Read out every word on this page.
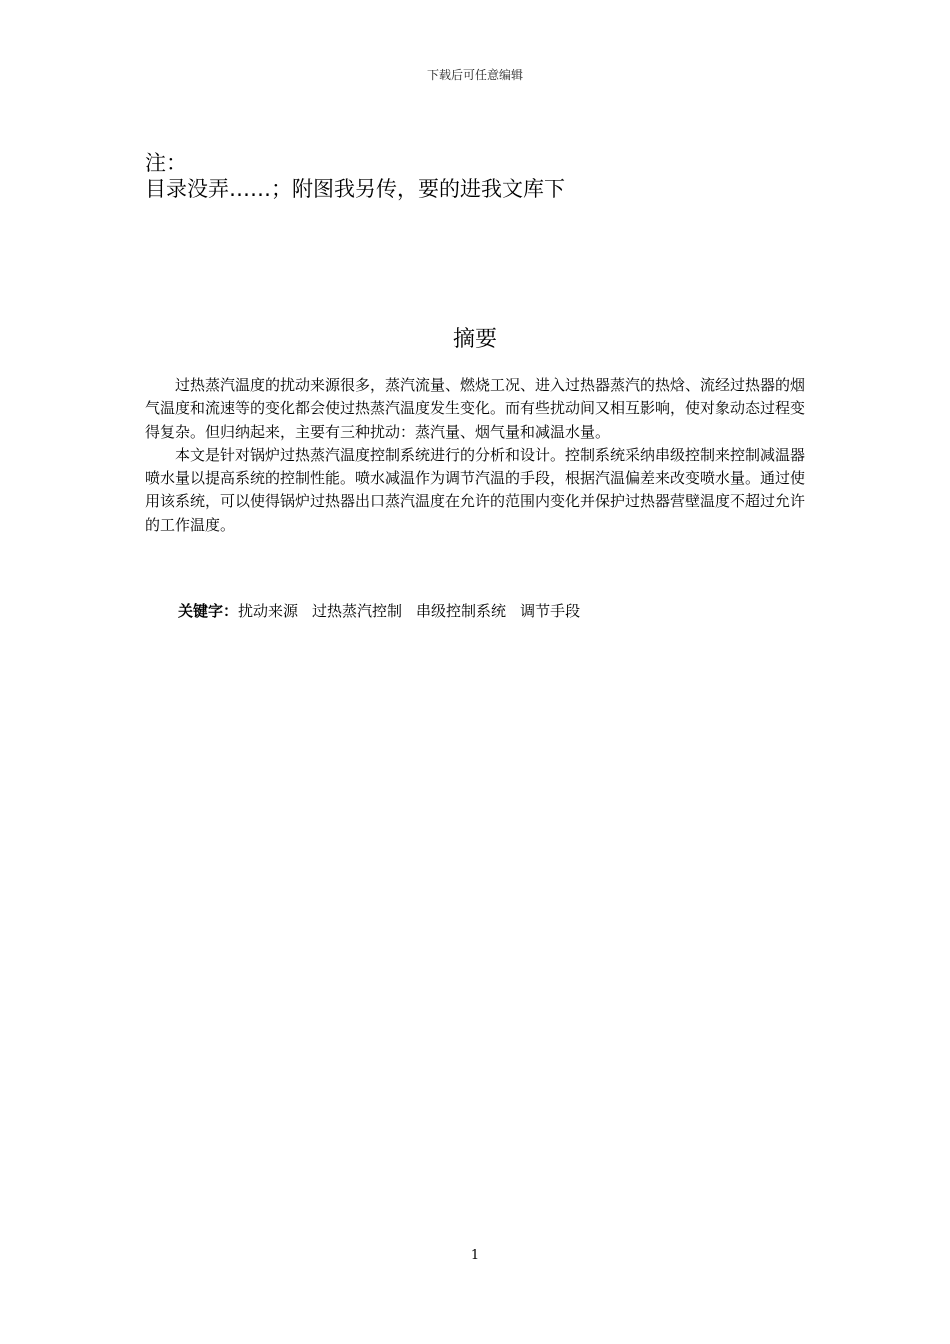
下载后可任意编辑
注：
目录没弄……；附图我另传，要的进我文库下
摘要

过热蒸汽温度的扰动来源很多，蒸汽流量、燃烧工况、进入过热器蒸汽的热焓、流经过热器的烟气温度和流速等的变化都会使过热蒸汽温度发生变化。而有些扰动间又相互影响，使对象动态过程变得复杂。但归纳起来，主要有三种扰动：蒸汽量、烟气量和减温水量。

本文是针对锅炉过热蒸汽温度控制系统进行的分析和设计。控制系统采纳串级控制来控制减温器喷水量以提高系统的控制性能。喷水减温作为调节汽温的手段，根据汽温偏差来改变喷水量。通过使用该系统，可以使得锅炉过热器出口蒸汽温度在允许的范围内变化并保护过热器营壁温度不超过允许的工作温度。

关键字：扰动来源 过热蒸汽控制 串级控制系统 调节手段
1
